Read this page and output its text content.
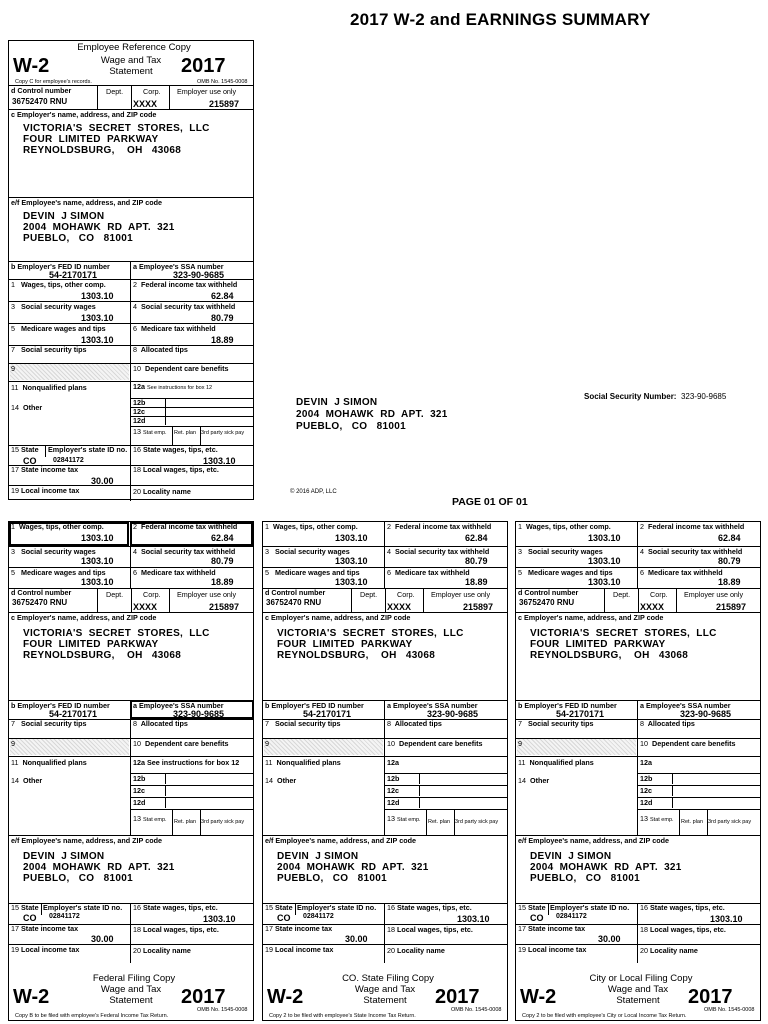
2017 W-2 and EARNINGS SUMMARY
Employee Reference Copy
W-2	Wage and Tax Statement	2017
OMB No. 1545-0008
Copy C for employee's records.
d Control number
36752470 RNU
Dept.	Corp.
XXXX
Employer use only
215897
c Employer's name, address, and ZIP code
VICTORIA'S  SECRET  STORES,  LLC
FOUR  LIMITED  PARKWAY
REYNOLDSBURG,    OH   43068
e/f Employee's name, address, and ZIP code
DEVIN  J SIMON
2004  MOHAWK  RD  APT.  321
PUEBLO,   CO   81001
b Employer's FED ID number
54-2170171
a Employee's SSA number
323-90-9685
1 Wages, tips, other comp.
1303.10
2 Federal income tax withheld
62.84
3 Social security wages
1303.10
4 Social security tax withheld
80.79
5 Medicare wages and tips
1303.10
6 Medicare tax withheld
18.89
7 Social security tips	8 Allocated tips
9	10 Dependent care benefits
11 Nonqualified plans	12a See instructions for box 12
14 Other
12b
12c
12d
13 Stat emp. Ret. plan 3rd party sick pay
15 State Employer's state ID no.
CO 02841172
16 State wages, tips, etc.
1303.10
17 State income tax
30.00
18 Local wages, tips, etc.
19 Local income tax	20 Locality name
DEVIN  J SIMON
2004  MOHAWK  RD  APT.  321
PUEBLO,   CO   81001
Social Security Number: 323-90-9685
© 2016 ADP, LLC
PAGE 01 OF 01
1 Wages, tips, other comp.
1303.10
2 Federal income tax withheld
62.84
3 Social security wages
1303.10
4 Social security tax withheld
80.79
5 Medicare wages and tips
1303.10
6 Medicare tax withheld
18.89
d Control number
36752470 RNU
Dept.	Corp.
XXXX
Employer use only
215897
c Employer's name, address, and ZIP code
VICTORIA'S  SECRET  STORES,  LLC
FOUR  LIMITED  PARKWAY
REYNOLDSBURG,    OH   43068
b Employer's FED ID number
54-2170171
a Employee's SSA number
323-90-9685
7 Social security tips	8 Allocated tips
9	10 Dependent care benefits
11 Nonqualified plans	12a See instructions for box 12
14 Other	12b
12c
12d
13 Stat emp. Ret. plan 3rd party sick pay
e/f Employee's name, address, and ZIP code
DEVIN  J SIMON
2004  MOHAWK  RD  APT.  321
PUEBLO,   CO   81001
15 State Employer's state ID no.
CO 02841172
16 State wages, tips, etc.
1303.10
17 State income tax
30.00
18 Local wages, tips, etc.
19 Local income tax	20 Locality name
Federal Filing Copy
W-2	Wage and Tax Statement	2017
OMB No. 1545-0008
Copy B to be filed with employee's Federal Income Tax Return.
1 Wages, tips, other comp.
1303.10
2 Federal income tax withheld
62.84
3 Social security wages
1303.10
4 Social security tax withheld
80.79
5 Medicare wages and tips
1303.10
6 Medicare tax withheld
18.89
d Control number
36752470 RNU
Dept.	Corp.
XXXX
Employer use only
215897
c Employer's name, address, and ZIP code
VICTORIA'S  SECRET  STORES,  LLC
FOUR  LIMITED  PARKWAY
REYNOLDSBURG,    OH   43068
b Employer's FED ID number
54-2170171
a Employee's SSA number
323-90-9685
7 Social security tips	8 Allocated tips
9	10 Dependent care benefits
11 Nonqualified plans	12a
14 Other	12b
12c
12d
13 Stat emp. Ret. plan 3rd party sick pay
e/f Employee's name, address, and ZIP code
DEVIN  J SIMON
2004  MOHAWK  RD  APT.  321
PUEBLO,   CO   81001
15 State Employer's state ID no.
CO 02841172
16 State wages, tips, etc.
1303.10
17 State income tax
30.00
18 Local wages, tips, etc.
19 Local income tax	20 Locality name
CO. State Filing Copy
W-2	Wage and Tax Statement	2017
OMB No. 1545-0008
Copy 2 to be filed with employee's State Income Tax Return.
1 Wages, tips, other comp.
1303.10
2 Federal income tax withheld
62.84
3 Social security wages
1303.10
4 Social security tax withheld
80.79
5 Medicare wages and tips
1303.10
6 Medicare tax withheld
18.89
d Control number
36752470 RNU
Dept.	Corp.
XXXX
Employer use only
215897
c Employer's name, address, and ZIP code
VICTORIA'S  SECRET  STORES,  LLC
FOUR  LIMITED  PARKWAY
REYNOLDSBURG,    OH   43068
b Employer's FED ID number
54-2170171
a Employee's SSA number
323-90-9685
7 Social security tips	8 Allocated tips
9	10 Dependent care benefits
11 Nonqualified plans	12a
14 Other	12b
12c
12d
13 Stat emp. Ret. plan 3rd party sick pay
e/f Employee's name, address, and ZIP code
DEVIN  J SIMON
2004  MOHAWK  RD  APT.  321
PUEBLO,   CO   81001
15 State Employer's state ID no.
CO 02841172
16 State wages, tips, etc.
1303.10
17 State income tax
30.00
18 Local wages, tips, etc.
19 Local income tax	20 Locality name
City or Local Filing Copy
W-2	Wage and Tax Statement	2017
OMB No. 1545-0008
Copy 2 to be filed with employee's City or Local Income Tax Return.
